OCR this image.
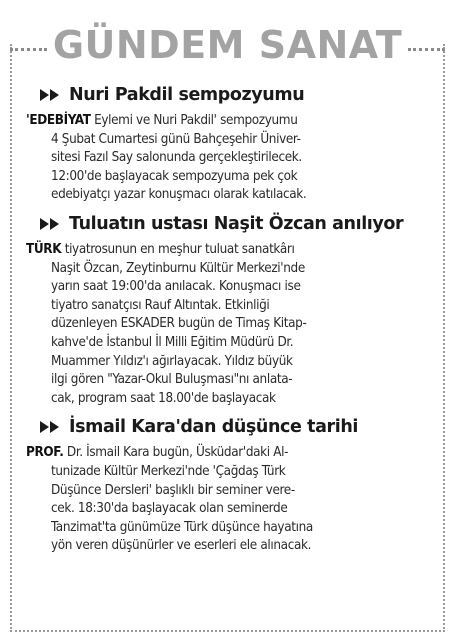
GÜNDEM SANAT
Nuri Pakdil sempozyumu
'EDEBİYAT Eylemi ve Nuri Pakdil' sempozyumu
4 Şubat Cumartesi günü Bahçeşehir Üniver-
sitesi Fazıl Say salonunda gerçekleştirilecek.
12:00'de başlayacak sempozyuma pek çok
edebiyatçı yazar konuşmacı olarak katılacak.
Tuluatın ustası Naşit Özcan anılıyor
TÜRK tiyatrosunun en meşhur tuluat sanatkârı
Naşit Özcan, Zeytinburnu Kültür Merkezi'nde
yarın saat 19:00'da anılacak. Konuşmacı ise
tiyatro sanatçısı Rauf Altıntak. Etkinliği
düzenleyen ESKADER bugün de Timaş Kitap-
kahve'de İstanbul İl Milli Eğitim Müdürü Dr.
Muammer Yıldız'ı ağırlayacak. Yıldız büyük
ilgi gören "Yazar-Okul Buluşması"nı anlata-
cak, program saat 18.00'de başlayacak
İsmail Kara'dan düşünce tarihi
PROF. Dr. İsmail Kara bugün, Üsküdar'daki Al-
tunizade Kültür Merkezi'nde 'Çağdaş Türk
Düşünce Dersleri' başlıklı bir seminer vere-
cek. 18:30'da başlayacak olan seminerde
Tanzimat'ta günümüze Türk düşünce hayatına
yön veren düşünürler ve eserleri ele alınacak.
